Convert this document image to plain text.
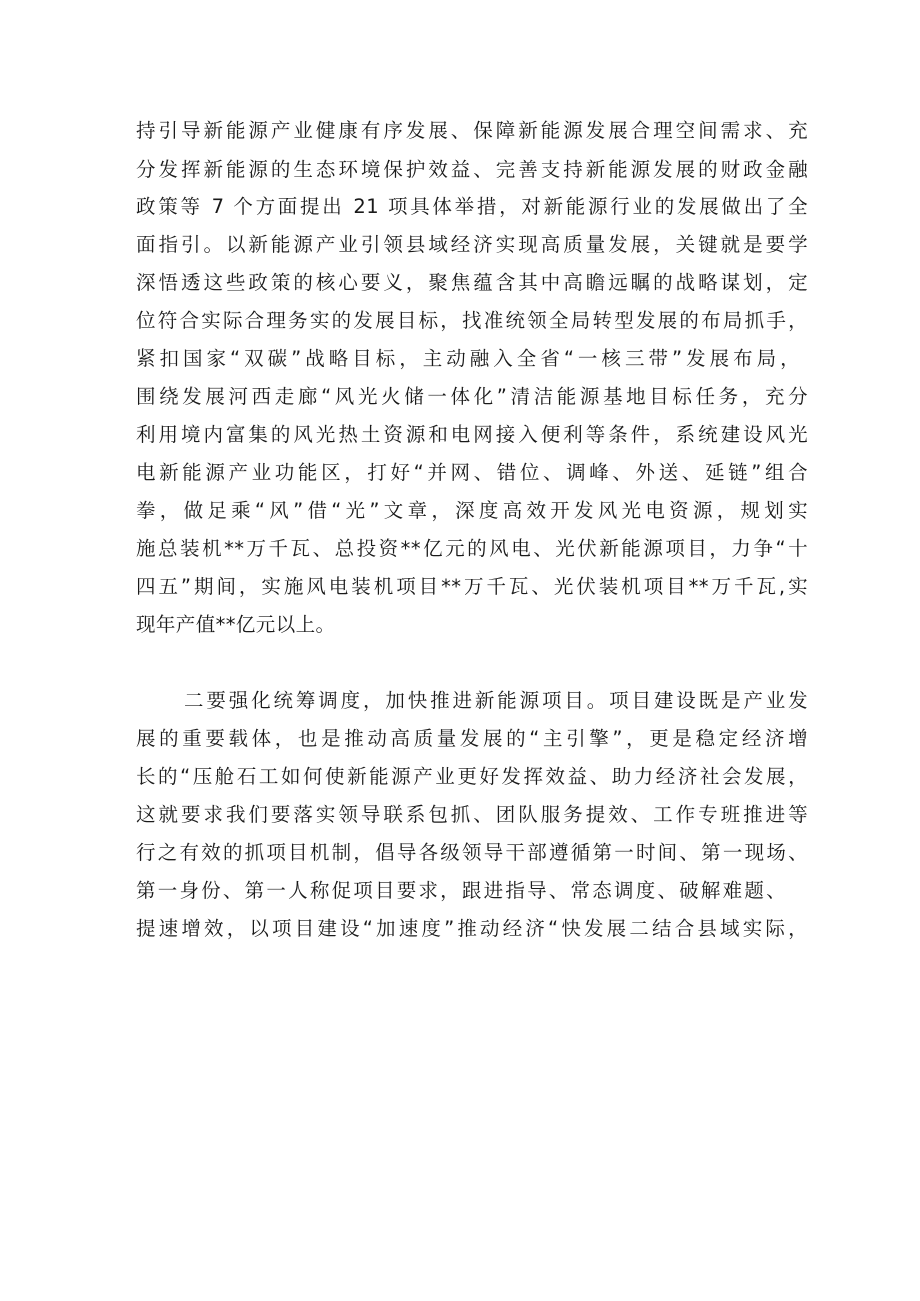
持引导新能源产业健康有序发展、保障新能源发展合理空间需求、充
分发挥新能源的生态环境保护效益、完善支持新能源发展的财政金融
政策等 7 个方面提出 21 项具体举措，对新能源行业的发展做出了全
面指引。以新能源产业引领县域经济实现高质量发展，关键就是要学
深悟透这些政策的核心要义，聚焦蕴含其中高瞻远瞩的战略谋划，定
位符合实际合理务实的发展目标，找准统领全局转型发展的布局抓手，
紧扣国家“双碳”战略目标，主动融入全省“一核三带”发展布局，
围绕发展河西走廊“风光火储一体化”清洁能源基地目标任务，充分
利用境内富集的风光热土资源和电网接入便利等条件，系统建设风光
电新能源产业功能区，打好“并网、错位、调峰、外送、延链”组合
拳，做足乘“风”借“光”文章，深度高效开发风光电资源，规划实
施总装机**万千瓦、总投资**亿元的风电、光伏新能源项目，力争“十
四五”期间，实施风电装机项目**万千瓦、光伏装机项目**万千瓦,实
现年产值**亿元以上。
二要强化统筹调度，加快推进新能源项目。项目建设既是产业发
展的重要载体，也是推动高质量发展的“主引擎”，更是稳定经济增
长的“压舱石工如何使新能源产业更好发挥效益、助力经济社会发展，
这就要求我们要落实领导联系包抓、团队服务提效、工作专班推进等
行之有效的抓项目机制，倡导各级领导干部遵循第一时间、第一现场、
第一身份、第一人称促项目要求，跟进指导、常态调度、破解难题、
提速增效，以项目建设“加速度”推动经济“快发展二结合县域实际，
